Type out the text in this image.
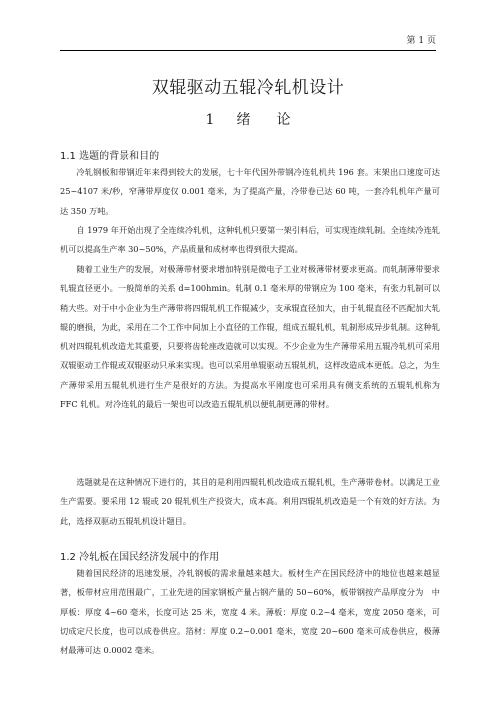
第 1 页
双辊驱动五辊冷轧机设计
1 绪 论
1.1 选题的背景和目的

冷轧钢板和带钢近年来得到较大的发展，七十年代国外带钢冷连轧机共 196 套。末架出口速度可达 25~4107 米/秒，窄薄带厚度仅 0.001 毫米，为了提高产量，冷带卷已达 60 吨，一套冷轧机年产量可达 350 万吨。

自 1979 年开始出现了全连续冷轧机，这种轧机只要第一架引料后，可实现连续轧制。全连续冷连轧机可以提高生产率 30~50%，产品质量和成材率也得到很大提高。

随着工业生产的发展，对极薄带材要求增加特别是微电子工业对极薄带材要求更高。而轧制薄带要求轧辊直径更小。一般简单的关系 d=100hmin。轧制 0.1 毫米厚的带钢应为 100 毫米，有张力轧制可以稍大些。对于中小企业为生产薄带将四辊轧机工作辊减少，支承辊直径加大，由于轧辊直径不匹配加大轧辊的磨损，为此，采用在二个工作中间加上小直径的工作辊，组成五辊轧机，轧制形成异步轧制。这种轧机对四辊轧机改造尤其重要，只要将齿轮座改造就可以实现。不少企业为生产薄带采用五辊冷轧机可采用双辊驱动工作辊或双辊驱动只承来实现。也可以采用单辊驱动五辊轧机，这样改造成本更低。总之，为生产薄带采用五辊轧机进行生产是很好的方法。为提高水平刚度也可采用具有侧支系统的五辊轧机称为 FFC 轧机。对冷连轧的最后一架也可以改造五辊轧机以便轧制更薄的带材。

选题就是在这种情况下进行的，其目的是利用四辊轧机改造成五辊轧机，生产薄带卷材。以满足工业生产需要。要采用 12 辊或 20 辊轧机生产投资大，成本高。利用四辊轧机改造是一个有效的好方法。为此，选择双驱动五辊轧机设计题目。

1.2 冷轧板在国民经济发展中的作用

随着国民经济的迅速发展，冷轧钢板的需求量越来越大。板材生产在国民经济中的地位也越来越显著，板带材应用范围最广，工业先进的国家钢板产量占钢产量的 50~60%，板带钢按产品厚度分为　中厚板：厚度 4~60 毫米，长度可达 25 米，宽度 4 米。薄板：厚度 0.2~4 毫米，宽度 2050 毫米，可切成定尺长度，也可以成卷供应。箔材：厚度 0.2~0.001 毫米，宽度 20~600 毫米可成卷供应，极薄材最薄可达 0.0002 毫米。
